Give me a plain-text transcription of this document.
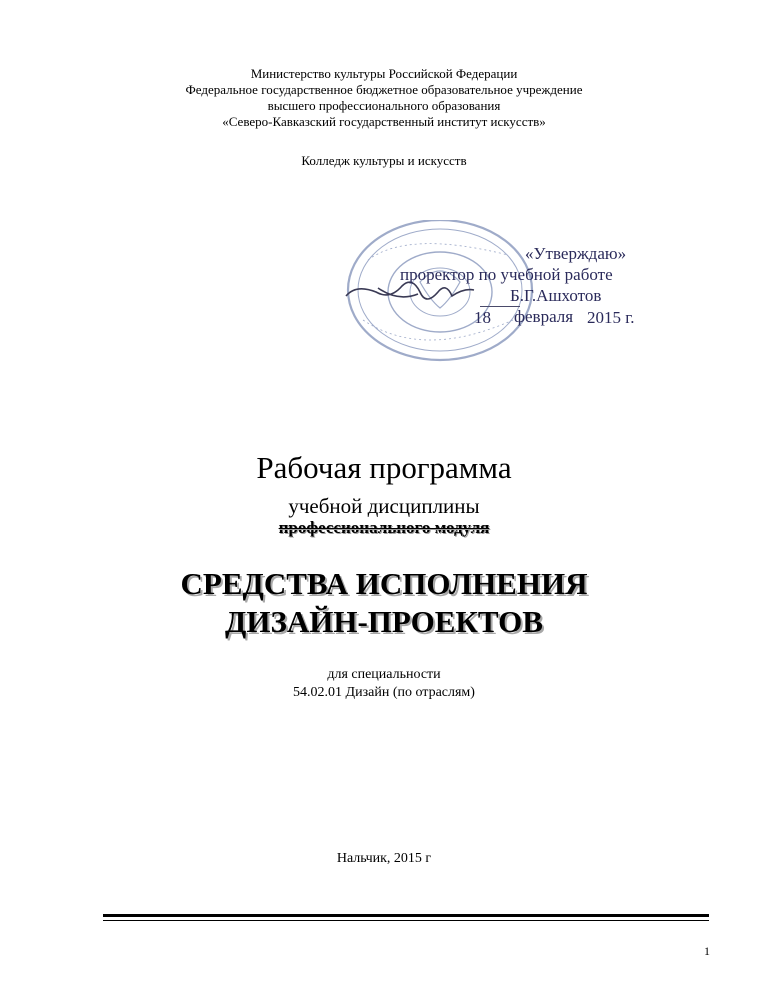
Министерство культуры Российской Федерации
Федеральное государственное бюджетное образовательное учреждение
высшего профессионального образования
«Северо-Кавказский государственный институт искусств»
Колледж культуры и искусств
«Утверждаю»
проректор по учебной работе
Б.Г.Ашхотов
18 февраля 2015 г.
Рабочая программа
учебной дисциплины
профессионального модуля
СРЕДСТВА ИСПОЛНЕНИЯ
ДИЗАЙН-ПРОЕКТОВ
для специальности
54.02.01 Дизайн (по отраслям)
Нальчик, 2015 г
1
